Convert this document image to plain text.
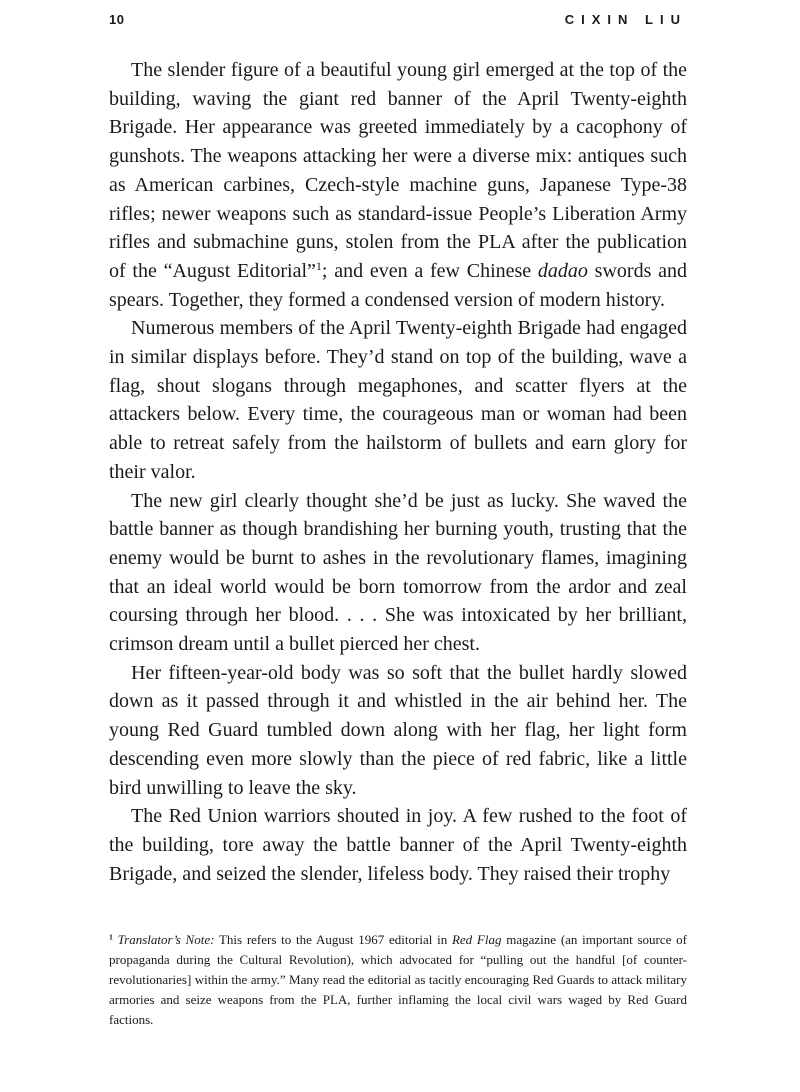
10	CIXIN LIU

The slender figure of a beautiful young girl emerged at the top of the building, waving the giant red banner of the April Twenty-eighth Brigade. Her appearance was greeted immediately by a cacophony of gunshots. The weapons attacking her were a diverse mix: antiques such as American carbines, Czech-style machine guns, Japanese Type-38 rifles; newer weapons such as standard-issue People’s Liberation Army rifles and submachine guns, stolen from the PLA after the publication of the “August Editorial”$^1$; and even a few Chinese dadao swords and spears. Together, they formed a condensed version of modern history.

Numerous members of the April Twenty-eighth Brigade had engaged in similar displays before. They’d stand on top of the building, wave a flag, shout slogans through megaphones, and scatter flyers at the attackers below. Every time, the courageous man or woman had been able to retreat safely from the hailstorm of bullets and earn glory for their valor.

The new girl clearly thought she’d be just as lucky. She waved the battle banner as though brandishing her burning youth, trusting that the enemy would be burnt to ashes in the revolutionary flames, imagining that an ideal world would be born tomorrow from the ardor and zeal coursing through her blood. . . . She was intoxicated by her brilliant, crimson dream until a bullet pierced her chest.

Her fifteen-year-old body was so soft that the bullet hardly slowed down as it passed through it and whistled in the air behind her. The young Red Guard tumbled down along with her flag, her light form descending even more slowly than the piece of red fabric, like a little bird unwilling to leave the sky.

The Red Union warriors shouted in joy. A few rushed to the foot of the building, tore away the battle banner of the April Twenty-eighth Brigade, and seized the slender, lifeless body. They raised their trophy

$^1$ Translator’s Note: This refers to the August 1967 editorial in Red Flag magazine (an important source of propaganda during the Cultural Revolution), which advocated for “pulling out the handful [of counter-revolutionaries] within the army.” Many read the editorial as tacitly encouraging Red Guards to attack military armories and seize weapons from the PLA, further inflaming the local civil wars waged by Red Guard factions.
